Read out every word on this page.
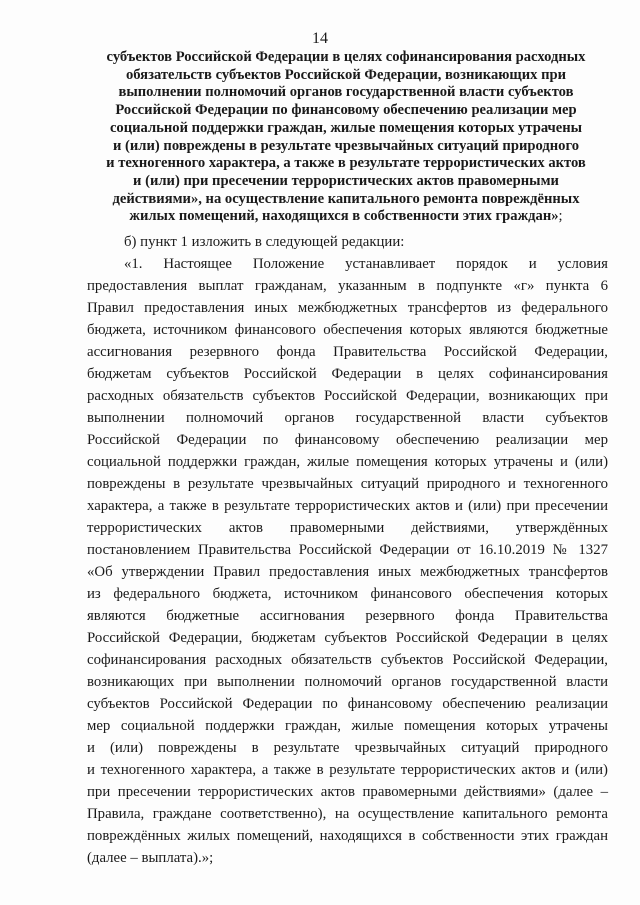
14
субъектов Российской Федерации в целях софинансирования расходных
обязательств субъектов Российской Федерации, возникающих при
выполнении полномочий органов государственной власти субъектов
Российской Федерации по финансовому обеспечению реализации мер
социальной поддержки граждан, жилые помещения которых утрачены
и (или) повреждены в результате чрезвычайных ситуаций природного
и техногенного характера, а также в результате террористических актов
и (или) при пресечении террористических актов правомерными
действиями», на осуществление капитального ремонта повреждённых
жилых помещений, находящихся в собственности этих граждан»;
б) пункт 1 изложить в следующей редакции:
«1. Настоящее Положение устанавливает порядок и условия
предоставления выплат гражданам, указанным в подпункте «г» пункта 6
Правил предоставления иных межбюджетных трансфертов из федерального
бюджета, источником финансового обеспечения которых являются бюджетные
ассигнования резервного фонда Правительства Российской Федерации,
бюджетам субъектов Российской Федерации в целях софинансирования
расходных обязательств субъектов Российской Федерации, возникающих при
выполнении полномочий органов государственной власти субъектов
Российской Федерации по финансовому обеспечению реализации мер
социальной поддержки граждан, жилые помещения которых утрачены и (или)
повреждены в результате чрезвычайных ситуаций природного и техногенного
характера, а также в результате террористических актов и (или) при пресечении
террористических актов правомерными действиями, утверждённых
постановлением Правительства Российской Федерации от 16.10.2019 № 1327
«Об утверждении Правил предоставления иных межбюджетных трансфертов
из федерального бюджета, источником финансового обеспечения которых
являются бюджетные ассигнования резервного фонда Правительства
Российской Федерации, бюджетам субъектов Российской Федерации в целях
софинансирования расходных обязательств субъектов Российской Федерации,
возникающих при выполнении полномочий органов государственной власти
субъектов Российской Федерации по финансовому обеспечению реализации
мер социальной поддержки граждан, жилые помещения которых утрачены
и (или) повреждены в результате чрезвычайных ситуаций природного
и техногенного характера, а также в результате террористических актов и (или)
при пресечении террористических актов правомерными действиями» (далее –
Правила, граждане соответственно), на осуществление капитального ремонта
повреждённых жилых помещений, находящихся в собственности этих граждан
(далее – выплата).»;
